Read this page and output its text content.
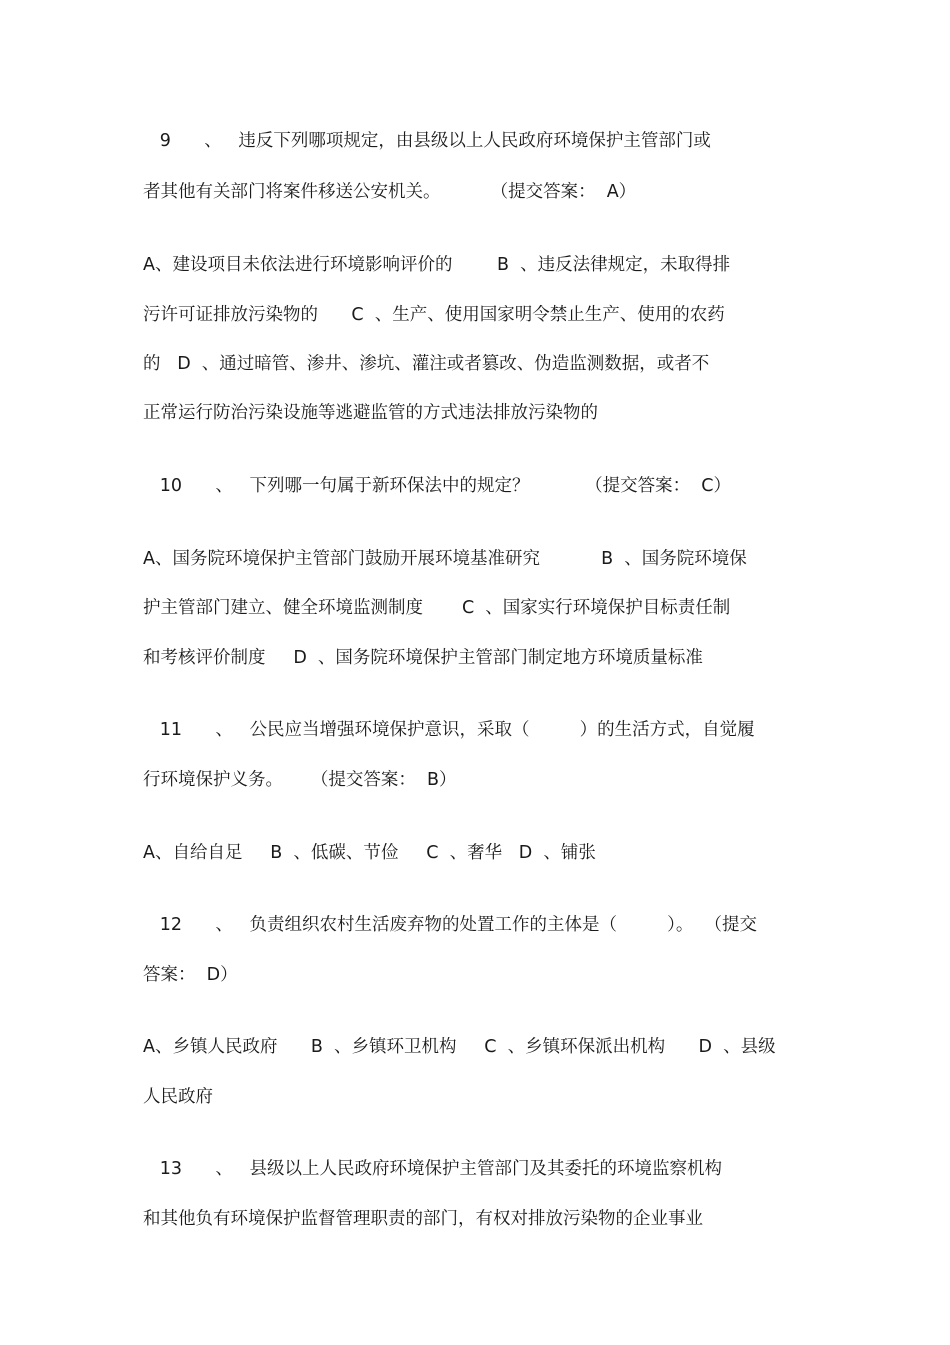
9      、   违反下列哪项规定，由县级以上人民政府环境保护主管部门或
者其他有关部门将案件移送公安机关。         （提交答案：  A）
A、建设项目未依法进行环境影响评价的        B  、违反法律规定，未取得排
污许可证排放污染物的      C  、生产、使用国家明令禁止生产、使用的农药
的   D  、通过暗管、渗井、渗坑、灌注或者篡改、伪造监测数据，或者不
正常运行防治污染设施等逃避监管的方式违法排放污染物的
10      、   下列哪一句属于新环保法中的规定？          （提交答案：  C）
A、国务院环境保护主管部门鼓励开展环境基准研究           B  、国务院环境保
护主管部门建立、健全环境监测制度       C  、国家实行环境保护目标责任制
和考核评价制度     D  、国务院环境保护主管部门制定地方环境质量标准
11      、   公民应当增强环境保护意识，采取（         ）的生活方式，自觉履
行环境保护义务。     （提交答案：  B）
A、自给自足     B  、低碳、节俭     C  、奢华   D  、铺张
12      、   负责组织农村生活废弃物的处置工作的主体是（         ）。  （提交
答案：  D）
A、乡镇人民政府      B  、乡镇环卫机构     C  、乡镇环保派出机构      D  、县级
人民政府
13      、   县级以上人民政府环境保护主管部门及其委托的环境监察机构
和其他负有环境保护监督管理职责的部门，有权对排放污染物的企业事业
